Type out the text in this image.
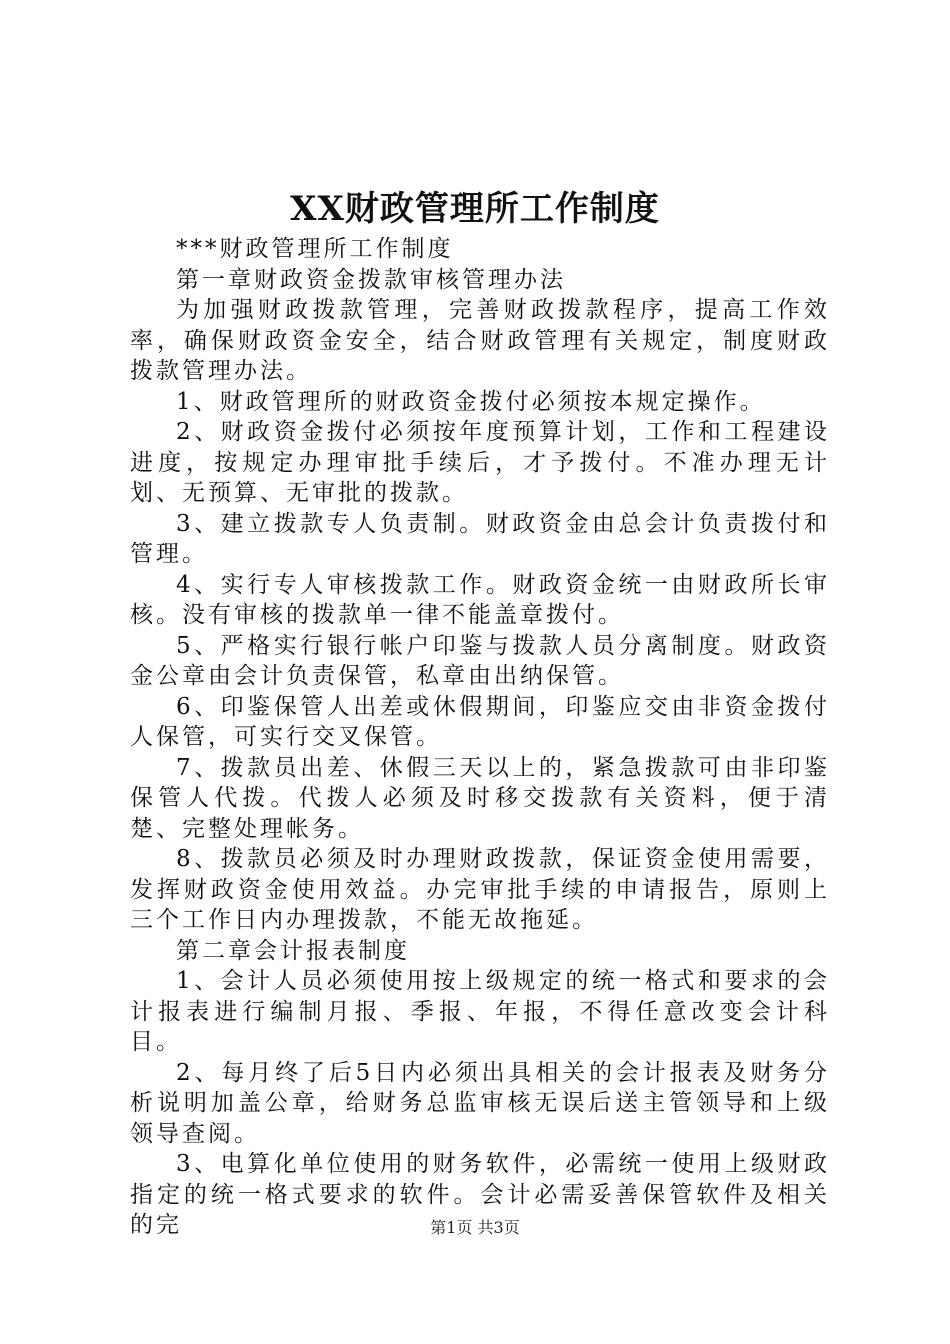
XX财政管理所工作制度

***财政管理所工作制度

第一章财政资金拨款审核管理办法

为加强财政拨款管理，完善财政拨款程序，提高工作效率，确保财政资金安全，结合财政管理有关规定，制度财政拨款管理办法。

1、财政管理所的财政资金拨付必须按本规定操作。

2、财政资金拨付必须按年度预算计划，工作和工程建设进度，按规定办理审批手续后，才予拨付。不准办理无计划、无预算、无审批的拨款。

3、建立拨款专人负责制。财政资金由总会计负责拨付和管理。

4、实行专人审核拨款工作。财政资金统一由财政所长审核。没有审核的拨款单一律不能盖章拨付。

5、严格实行银行帐户印鉴与拨款人员分离制度。财政资金公章由会计负责保管，私章由出纳保管。

6、印鉴保管人出差或休假期间，印鉴应交由非资金拨付人保管，可实行交叉保管。

7、拨款员出差、休假三天以上的，紧急拨款可由非印鉴保管人代拨。代拨人必须及时移交拨款有关资料，便于清楚、完整处理帐务。

8、拨款员必须及时办理财政拨款，保证资金使用需要，发挥财政资金使用效益。办完审批手续的申请报告，原则上三个工作日内办理拨款，不能无故拖延。

第二章会计报表制度

1、会计人员必须使用按上级规定的统一格式和要求的会计报表进行编制月报、季报、年报，不得任意改变会计科目。

2、每月终了后5日内必须出具相关的会计报表及财务分析说明加盖公章，给财务总监审核无误后送主管领导和上级领导查阅。

3、电算化单位使用的财务软件，必需统一使用上级财政指定的统一格式要求的软件。会计必需妥善保管软件及相关的完	第1页 共3页
